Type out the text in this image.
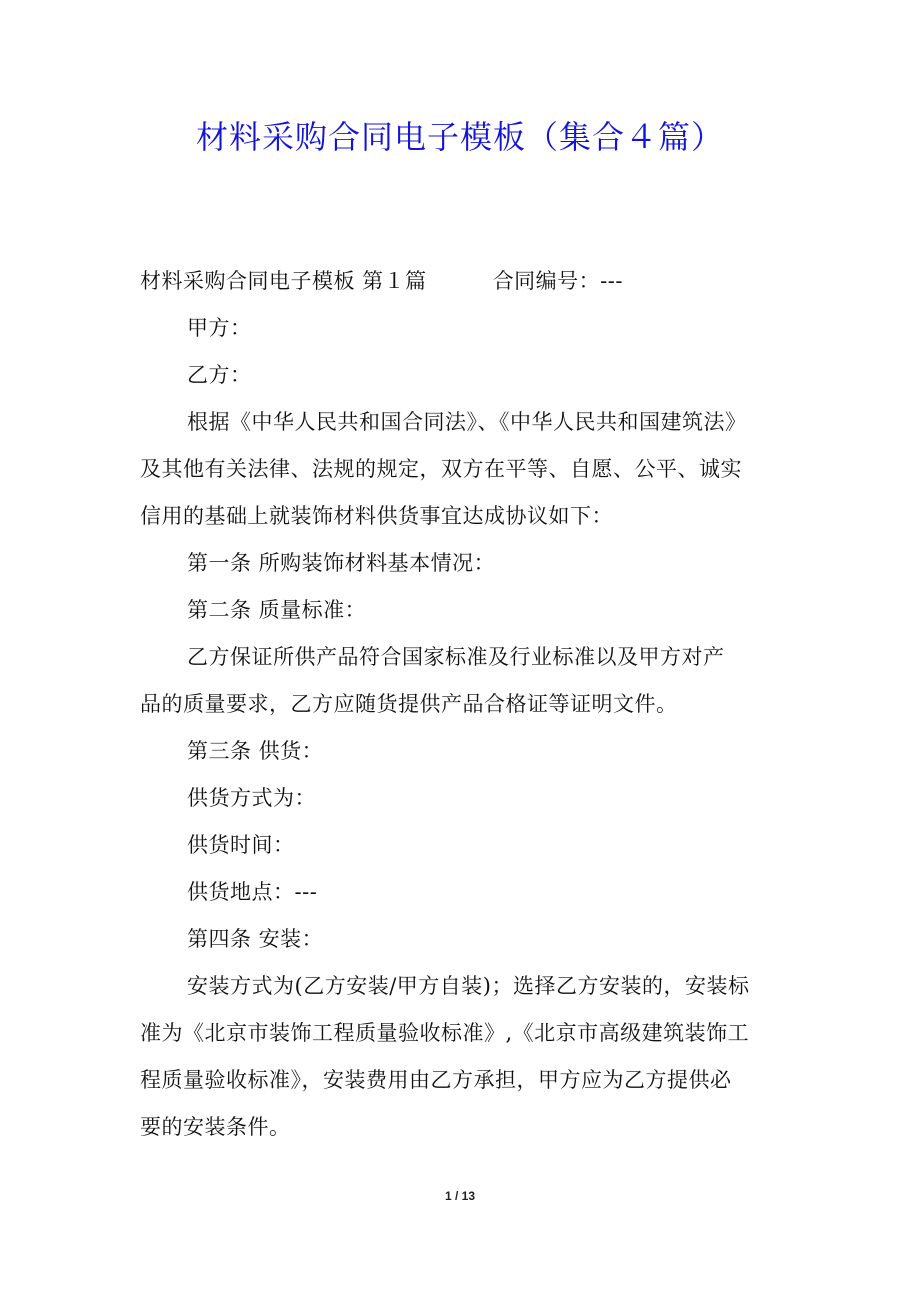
材料采购合同电子模板（集合４篇）
材料采购合同电子模板 第１篇	合同编号：---
甲方：
乙方：
根据《中华人民共和国合同法》、《中华人民共和国建筑法》
及其他有关法律、法规的规定，双方在平等、自愿、公平、诚实
信用的基础上就装饰材料供货事宜达成协议如下：
第一条 所购装饰材料基本情况：
第二条 质量标准：
乙方保证所供产品符合国家标准及行业标准以及甲方对产
品的质量要求，乙方应随货提供产品合格证等证明文件。
第三条 供货：
供货方式为：
供货时间：
供货地点：---
第四条 安装：
安装方式为(乙方安装/甲方自装)；选择乙方安装的，安装标
准为《北京市装饰工程质量验收标准》,《北京市高级建筑装饰工
程质量验收标准》，安装费用由乙方承担，甲方应为乙方提供必
要的安装条件。
1 / 13
